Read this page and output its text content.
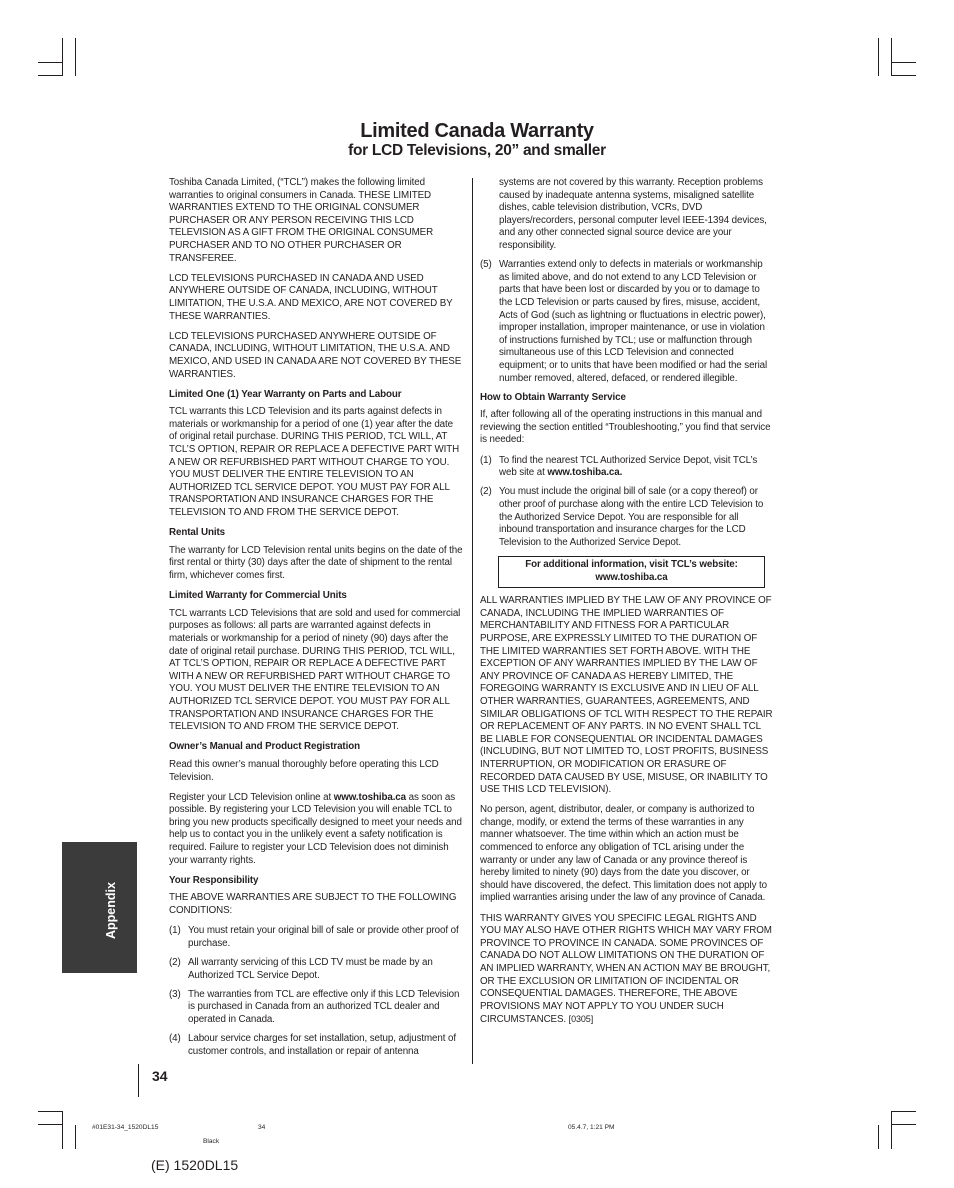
Limited Canada Warranty
for LCD Televisions, 20” and smaller

Toshiba Canada Limited, (“TCL”) makes the following limited warranties to original consumers in Canada. THESE LIMITED WARRANTIES EXTEND TO THE ORIGINAL CONSUMER PURCHASER OR ANY PERSON RECEIVING THIS LCD TELEVISION AS A GIFT FROM THE ORIGINAL CONSUMER PURCHASER AND TO NO OTHER PURCHASER OR TRANSFEREE.

LCD TELEVISIONS PURCHASED IN CANADA AND USED ANYWHERE OUTSIDE OF CANADA, INCLUDING, WITHOUT LIMITATION, THE U.S.A. AND MEXICO, ARE NOT COVERED BY THESE WARRANTIES.

LCD TELEVISIONS PURCHASED ANYWHERE OUTSIDE OF CANADA, INCLUDING, WITHOUT LIMITATION, THE U.S.A. AND MEXICO, AND USED IN CANADA ARE NOT COVERED BY THESE WARRANTIES.

Limited One (1) Year Warranty on Parts and Labour

TCL warrants this LCD Television and its parts against defects in materials or workmanship for a period of one (1) year after the date of original retail purchase. DURING THIS PERIOD, TCL WILL, AT TCL’S OPTION, REPAIR OR REPLACE A DEFECTIVE PART WITH A NEW OR REFURBISHED PART WITHOUT CHARGE TO YOU. YOU MUST DELIVER THE ENTIRE TELEVISION TO AN AUTHORIZED TCL SERVICE DEPOT. YOU MUST PAY FOR ALL TRANSPORTATION AND INSURANCE CHARGES FOR THE TELEVISION TO AND FROM THE SERVICE DEPOT.

Rental Units

The warranty for LCD Television rental units begins on the date of the first rental or thirty (30) days after the date of shipment to the rental firm, whichever comes first.

Limited Warranty for Commercial Units

TCL warrants LCD Televisions that are sold and used for commercial purposes as follows: all parts are warranted against defects in materials or workmanship for a period of ninety (90) days after the date of original retail purchase. DURING THIS PERIOD, TCL WILL, AT TCL’S OPTION, REPAIR OR REPLACE A DEFECTIVE PART WITH A NEW OR REFURBISHED PART WITHOUT CHARGE TO YOU. YOU MUST DELIVER THE ENTIRE TELEVISION TO AN AUTHORIZED TCL SERVICE DEPOT. YOU MUST PAY FOR ALL TRANSPORTATION AND INSURANCE CHARGES FOR THE TELEVISION TO AND FROM THE SERVICE DEPOT.

Owner’s Manual and Product Registration

Read this owner’s manual thoroughly before operating this LCD Television.

Register your LCD Television online at www.toshiba.ca as soon as possible. By registering your LCD Television you will enable TCL to bring you new products specifically designed to meet your needs and help us to contact you in the unlikely event a safety notification is required. Failure to register your LCD Television does not diminish your warranty rights.

Your Responsibility

THE ABOVE WARRANTIES ARE SUBJECT TO THE FOLLOWING CONDITIONS:

(1) You must retain your original bill of sale or provide other proof of purchase.
(2) All warranty servicing of this LCD TV must be made by an Authorized TCL Service Depot.
(3) The warranties from TCL are effective only if this LCD Television is purchased in Canada from an authorized TCL dealer and operated in Canada.
(4) Labour service charges for set installation, setup, adjustment of customer controls, and installation or repair of antenna
systems are not covered by this warranty. Reception problems caused by inadequate antenna systems, misaligned satellite dishes, cable television distribution, VCRs, DVD players/recorders, personal computer level IEEE-1394 devices, and any other connected signal source device are your responsibility.
(5) Warranties extend only to defects in materials or workmanship as limited above, and do not extend to any LCD Television or parts that have been lost or discarded by you or to damage to the LCD Television or parts caused by fires, misuse, accident, Acts of God (such as lightning or fluctuations in electric power), improper installation, improper maintenance, or use in violation of instructions furnished by TCL; use or malfunction through simultaneous use of this LCD Television and connected equipment; or to units that have been modified or had the serial number removed, altered, defaced, or rendered illegible.
How to Obtain Warranty Service

If, after following all of the operating instructions in this manual and reviewing the section entitled “Troubleshooting,” you find that service is needed:

(1) To find the nearest TCL Authorized Service Depot, visit TCL’s web site at www.toshiba.ca.
(2) You must include the original bill of sale (or a copy thereof) or other proof of purchase along with the entire LCD Television to the Authorized Service Depot. You are responsible for all inbound transportation and insurance charges for the LCD Television to the Authorized Service Depot.
For additional information, visit TCL’s website:
www.toshiba.ca

ALL WARRANTIES IMPLIED BY THE LAW OF ANY PROVINCE OF CANADA, INCLUDING THE IMPLIED WARRANTIES OF MERCHANTABILITY AND FITNESS FOR A PARTICULAR PURPOSE, ARE EXPRESSLY LIMITED TO THE DURATION OF THE LIMITED WARRANTIES SET FORTH ABOVE. WITH THE EXCEPTION OF ANY WARRANTIES IMPLIED BY THE LAW OF ANY PROVINCE OF CANADA AS HEREBY LIMITED, THE FOREGOING WARRANTY IS EXCLUSIVE AND IN LIEU OF ALL OTHER WARRANTIES, GUARANTEES, AGREEMENTS, AND SIMILAR OBLIGATIONS OF TCL WITH RESPECT TO THE REPAIR OR REPLACEMENT OF ANY PARTS. IN NO EVENT SHALL TCL BE LIABLE FOR CONSEQUENTIAL OR INCIDENTAL DAMAGES (INCLUDING, BUT NOT LIMITED TO, LOST PROFITS, BUSINESS INTERRUPTION, OR MODIFICATION OR ERASURE OF RECORDED DATA CAUSED BY USE, MISUSE, OR INABILITY TO USE THIS LCD TELEVISION).

No person, agent, distributor, dealer, or company is authorized to change, modify, or extend the terms of these warranties in any manner whatsoever. The time within which an action must be commenced to enforce any obligation of TCL arising under the warranty or under any law of Canada or any province thereof is hereby limited to ninety (90) days from the date you discover, or should have discovered, the defect. This limitation does not apply to implied warranties arising under the law of any province of Canada.

THIS WARRANTY GIVES YOU SPECIFIC LEGAL RIGHTS AND YOU MAY ALSO HAVE OTHER RIGHTS WHICH MAY VARY FROM PROVINCE TO PROVINCE IN CANADA. SOME PROVINCES OF CANADA DO NOT ALLOW LIMITATIONS ON THE DURATION OF AN IMPLIED WARRANTY, WHEN AN ACTION MAY BE BROUGHT, OR THE EXCLUSION OR LIMITATION OF INCIDENTAL OR CONSEQUENTIAL DAMAGES. THEREFORE, THE ABOVE PROVISIONS MAY NOT APPLY TO YOU UNDER SUCH CIRCUMSTANCES. [0305]

Appendix
34
#01E31-34_1520DL15	34	05.4.7, 1:21 PM
Black
(E) 1520DL15
